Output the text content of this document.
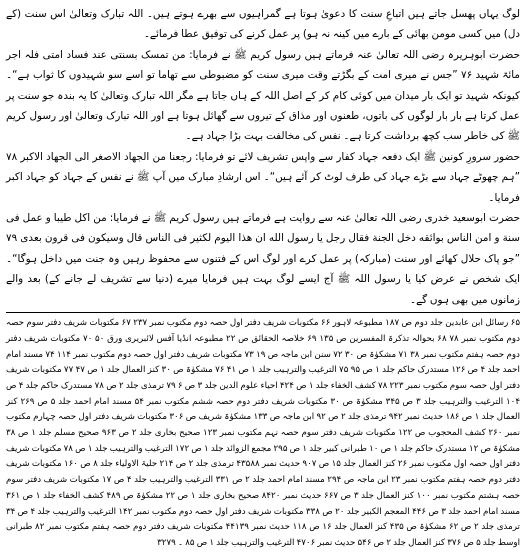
لوگ یہاں پھسل جاتے ہیں اتباعِ سنت کا دعویٰ ہوتا ہے گمراہیوں سے بھرے ہوتے ہیں۔ اللہ تبارک وتعالیٰ اس سنت (کے دل) میں کسی مومن بھائی کے بارے میں کینہ نہ ہو) پر عمل کرنے کی توفیق عطا فرمائے۔

حضرت ابوہریرہ رضی اللہ تعالیٰ عنہ فرماتے ہیں رسول کریم ﷺ نے فرمایا: من تمسک بسنتی عند فساد امتی فلہ اجر مائۃ شہید ۷۶ ”جس نے میری امت کے بگڑتے وقت میری سنت کو مضبوطی سے تھاما تو اسے سو شہیدوں کا ثواب ہے“۔ کیونکہ شہید تو ایک بار میدان میں کوئی کام کر کے اصل اللہ کے ہاں جاتا ہے مگر اللہ تبارک وتعالیٰ کا یہ بندہ جو سنت پر عمل کرتا ہے بار بار لوگوں کی باتوں، طعنوں اور مذاق کے تیروں سے گھائل ہوتا ہے اور اللہ تبارک وتعالیٰ اور رسول کریم ﷺ کی خاطر سب کچھ برداشت کرتا ہے۔ نفس کی مخالفت بہت بڑا جہاد ہے۔

حضور سرورِ کونین ﷺ ایک دفعہ جہاد کفار سے واپس تشریف لائے تو فرمایا: رجعنا من الجهاد الاصغر الى الجهاد الاكبر ۷۸ ”ہم چھوٹے جہاد سے بڑے جہاد کی طرف لوٹ کر آئے ہیں“۔ اس ارشادِ مبارک میں آپ ﷺ نے نفس کے جہاد کو جہاد اکبر فرمایا۔

حضرت ابوسعید خدری رضی اللہ تعالیٰ عنہ سے روایت ہے فرماتے ہیں رسول کریم ﷺ نے فرمایا: من اكل طيبا و عمل فى سنة و امن الناس بوائقه دخل الجنة فقال رجل يا رسول الله ان هذا اليوم لكثير فى الناس قال وسيكون فى قرون بعدى ۷۹ ”جو پاک حلال کھائے اور سنت (مبارکہ) پر عمل کرے اور لوگ اس کے فتنوں سے محفوظ رہیں وہ جنت میں داخل ہوگا“۔ ایک شخص نے عرض کیا یا رسول اللہ ﷺ آج ایسے لوگ بہت ہیں فرمایا میرے (دنیا سے تشریف لے جانے کے) بعد والے زمانوں میں بھی ہوں گے۔

۶۵ رسائل ابن عابدین جلد دوم ص ۱۸۷ مطبوعہ لاہور ۶۶ مکتوبات شریف دفتر اول حصہ دوم مکتوب نمبر ۲۳۷ ۶۷ مکتوبات شریف دفتر سوم حصہ دوم مکتوب نمبر ۷۸ ۶۸ بحوالہ تذکرۃ المفسرین ص ۱۳۵ ۶۹ خلاصہ الحقائق ص ۲۲ مطبوعہ انڈیا آفس لائبریری ورق ۵۰ ۷۰ مکتوبات شریف دفتر دوم حصہ ہفتم مکتوب نمبر ۳۸ ۷۱ مشکوٰۃ ص ۳۰ ۷۲ سنن ابن ماجہ ص ۱۹ ۷۳ مکتوبات شریف دفتر اول حصہ دوم مکتوب نمبر ۱۱۴ ۷۴ مسند امام احمد جلد ۴ ص ۱۲۶ مستدرک حاکم جلد ۱ ص ۹۵ ۷۵ الترغیب والترہیب جلد ۱ ص ۴۱ ۷۶ مشکوٰۃ ص ۳۰ کنز العمال جلد ۱ ص ۴۷ ۷۷ مکتوبات شریف دفتر اول حصہ سوم مکتوب نمبر ۲۲۳ ۷۸ کشف الخفاء جلد ۱ ص ۴۲۴ احیاء علوم الدین جلد ۳ ص ۶ ۷۹ ترمذی جلد ۲ ص ۷۸ مستدرک حاکم جلد ۴ ص ۱۰۴ الترغیب والترہیب جلد ۳ ص ۳۴۵ مشکوٰۃ ص ۳۰ مکتوبات شریف دفتر دوم حصہ ششم مکتوب نمبر ۵۴ مسند امام احمد جلد ۵ ص ۲۶۹ کنز العمال جلد ۱ ص ۱۸۶ حدیث نمبر ۹۴۲ ترمذی جلد ۲ ص ۹۲ ابن ماجہ ص ۱۳۳ مشکوٰۃ شریف ص ۳۰۶ مکتوبات شریف دفتر اول حصہ چہارم مکتوب نمبر ۲۶۰ کشف المحجوب ص ۱۲۲ مکتوبات شریف دفتر سوم حصہ نہم مکتوب نمبر ۱۲۳ صحیح بخاری جلد ۲ ص ۹۶۳ صحیح مسلم جلد ۱ ص ۳۸ مشکوٰۃ ص ۱۲ مستدرک حاکم جلد ۱ ص ۱۰ طبرانی کبیر جلد ۱ ص ۲۹۵ مجمع الزوائد جلد ۱ ص ۱۷۲ الترغیب والترہیب جلد ۱ ص ۷۸ مکتوبات شریف دفتر اول حصہ اول مکتوب نمبر ۲۶ کنز العمال جلد ۱۵ ص ۹۰۷ حدیث نمبر ۴۳۵۸۸ ترمذی جلد ۲ ص ۲۱۴ حلیۃ الاولیاء جلد ۸ ص ۱۶۰ مکتوبات شریف دفتر دوم حصہ ہفتم مکتوب نمبر ۲۳ ابن ماجہ ص ۲۹۴ مسند امام احمد جلد ۲ ص ۳۳۱ الترغیب والترہیب جلد ۴ ص ۱۷ مکتوبات شریف دفتر سوم حصہ ہشتم مکتوب نمبر ۱۰۰ کنز العمال جلد ۳ ص ۶۶۷ حدیث نمبر ۸۴۲۰ صحیح بخاری جلد ۱ ص ۲۲ مشکوٰۃ ص ۴۸۹ کشف الخفاء جلد ۱ ص ۳۶۱ مسند امام احمد جلد ۳ ص ۴۴۶ المعجم الکبیر جلد ۲۰ ص ۳۳۸ مکتوبات شریف دفتر اول حصہ دوم مکتوب نمبر ۱۴۲ الترغیب والترہیب جلد ۴ ص ۳۴ ترمذی جلد ۲ ص ۶۲ مشکوٰۃ ص ۴۳۵ کنز العمال جلد ۱۶ ص ۱۱۸ حدیث نمبر ۴۴۱۳۹ مکتوبات شریف دفتر دوم حصہ ہفتم مکتوب نمبر ۸۲ طبرانی اوسط جلد ۵ ص ۳۷۶ کنز العمال جلد ۲ ص ۵۴۶ حدیث نمبر ۴۷۰۶ الترغیب والترہیب جلد ۱ ص ۸۵ ۔ ۳۲۷۹
